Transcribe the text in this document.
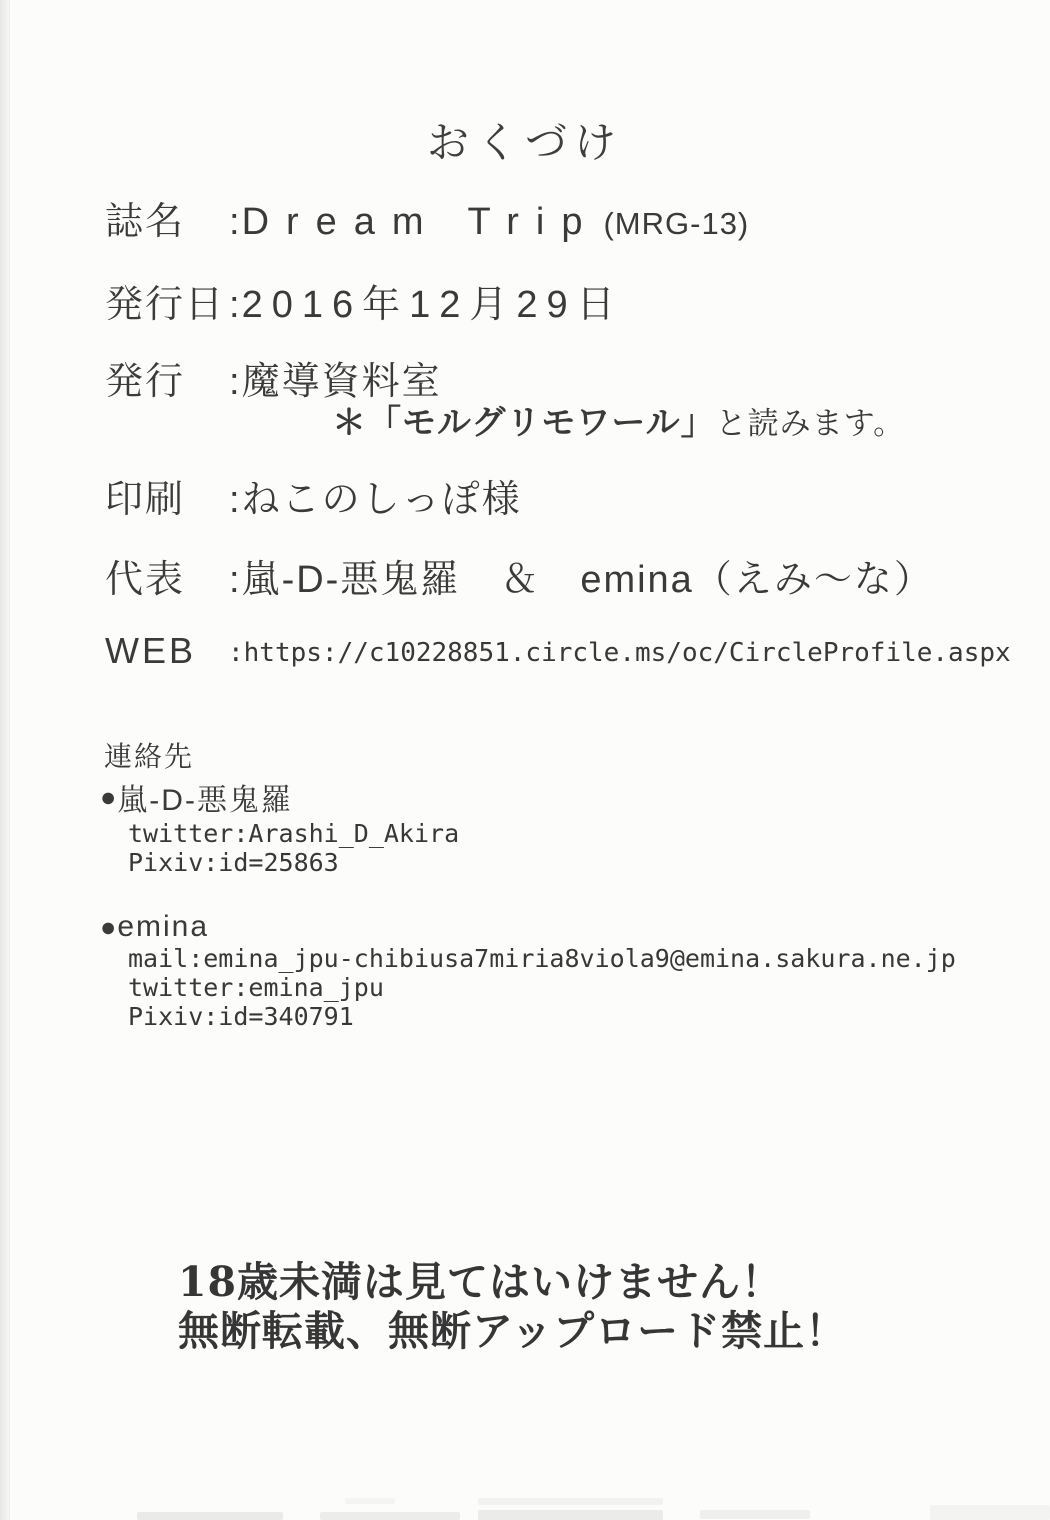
おくづけ
誌名	: Dream Trip (MRG-13)
発行日 : 2016年12月29日
発行	: 魔導資料室
＊「モルグリモワール」と読みます。
印刷	: ねこのしっぽ様
代表	: 嵐-D-悪鬼羅　＆　emina（えみ～な）
WEB :https://c10228851.circle.ms/oc/CircleProfile.aspx
連絡先
● 嵐-D-悪鬼羅
twitter:Arashi_D_Akira
Pixiv:id=25863
● emina
mail:emina_jpu-chibiusa7miria8viola9@emina.sakura.ne.jp
twitter:emina_jpu
Pixiv:id=340791
18歳未満は見てはいけません！
無断転載、無断アップロード禁止！
